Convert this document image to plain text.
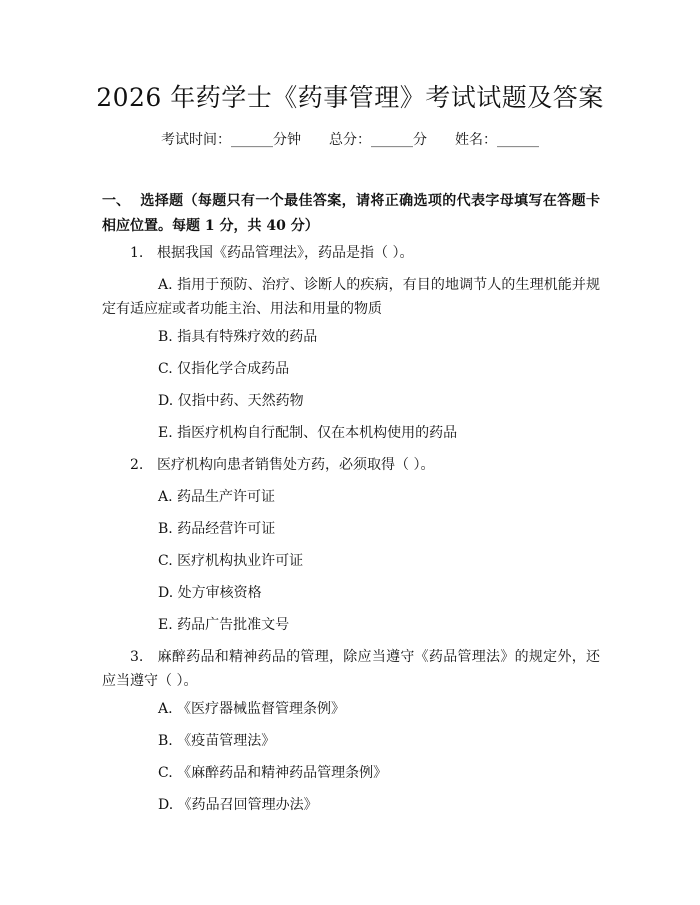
2026 年药学士《药事管理》考试试题及答案
考试时间：______分钟 总分：______分 姓名：______
一、 选择题（每题只有一个最佳答案，请将正确选项的代表字母填写在答题卡相应位置。每题 1 分，共 40 分）
1. 根据我国《药品管理法》，药品是指（ ）。
A. 指用于预防、治疗、诊断人的疾病，有目的地调节人的生理机能并规定有适应症或者功能主治、用法和用量的物质
B. 指具有特殊疗效的药品
C. 仅指化学合成药品
D. 仅指中药、天然药物
E. 指医疗机构自行配制、仅在本机构使用的药品
2. 医疗机构向患者销售处方药，必须取得（ ）。
A. 药品生产许可证
B. 药品经营许可证
C. 医疗机构执业许可证
D. 处方审核资格
E. 药品广告批准文号
3.   麻醉药品和精神药品的管理，除应当遵守《药品管理法》的规定外，还应当遵守（ ）。
A. 《医疗器械监督管理条例》
B. 《疫苗管理法》
C. 《麻醉药品和精神药品管理条例》
D. 《药品召回管理办法》
